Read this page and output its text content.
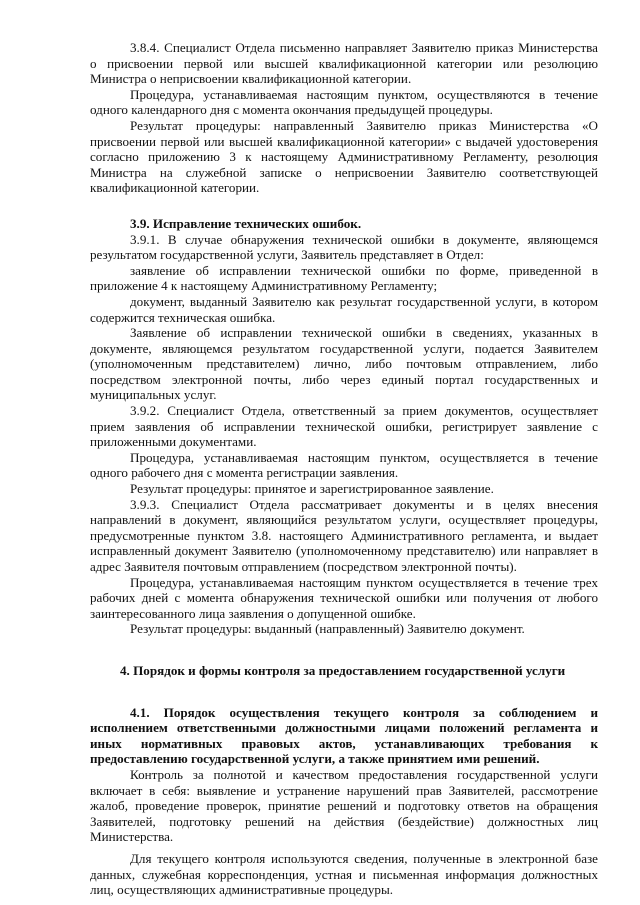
3.8.4. Специалист Отдела письменно направляет Заявителю приказ Министерства о присвоении первой или высшей квалификационной категории или резолюцию Министра о неприсвоении квалификационной категории.

Процедура, устанавливаемая настоящим пунктом, осуществляются в течение одного календарного дня с момента окончания предыдущей процедуры.

Результат процедуры: направленный Заявителю приказ Министерства «О присвоении первой или высшей квалификационной категории» с выдачей удостоверения согласно приложению 3 к настоящему Административному Регламенту, резолюция Министра на служебной записке о неприсвоении Заявителю соответствующей квалификационной категории.

3.9. Исправление технических ошибок.

3.9.1. В случае обнаружения технической ошибки в документе, являющемся результатом государственной услуги, Заявитель представляет в Отдел:

заявление об исправлении технической ошибки по форме, приведенной в приложение 4 к настоящему Административному Регламенту;

документ, выданный Заявителю как результат государственной услуги, в котором содержится техническая ошибка.

Заявление об исправлении технической ошибки в сведениях, указанных в документе, являющемся результатом государственной услуги, подается Заявителем (уполномоченным представителем) лично, либо почтовым отправлением, либо посредством электронной почты, либо через единый портал государственных и муниципальных услуг.

3.9.2. Специалист Отдела, ответственный за прием документов, осуществляет прием заявления об исправлении технической ошибки, регистрирует заявление с приложенными документами.

Процедура, устанавливаемая настоящим пунктом, осуществляется в течение одного рабочего дня с момента регистрации заявления.

Результат процедуры: принятое и зарегистрированное заявление.

3.9.3. Специалист Отдела рассматривает документы и в целях внесения направлений в документ, являющийся результатом услуги, осуществляет процедуры, предусмотренные пунктом 3.8. настоящего Административного регламента, и выдает исправленный документ Заявителю (уполномоченному представителю) или направляет в адрес Заявителя почтовым отправлением (посредством электронной почты).

Процедура, устанавливаемая настоящим пунктом осуществляется в течение трех рабочих дней с момента обнаружения технической ошибки или получения от любого заинтересованного лица заявления о допущенной ошибке.

Результат процедуры: выданный (направленный) Заявителю документ.

4. Порядок и формы контроля за предоставлением государственной услуги

4.1. Порядок осуществления текущего контроля за соблюдением и исполнением ответственными должностными лицами положений регламента и иных нормативных правовых актов, устанавливающих требования к предоставлению государственной услуги, а также принятием ими решений.

Контроль за полнотой и качеством предоставления государственной услуги включает в себя: выявление и устранение нарушений прав Заявителей, рассмотрение жалоб, проведение проверок, принятие решений и подготовку ответов на обращения Заявителей, подготовку решений на действия (бездействие) должностных лиц Министерства.

Для текущего контроля используются сведения, полученные в электронной базе данных, служебная корреспонденция, устная и письменная информация должностных лиц, осуществляющих административные процедуры.
